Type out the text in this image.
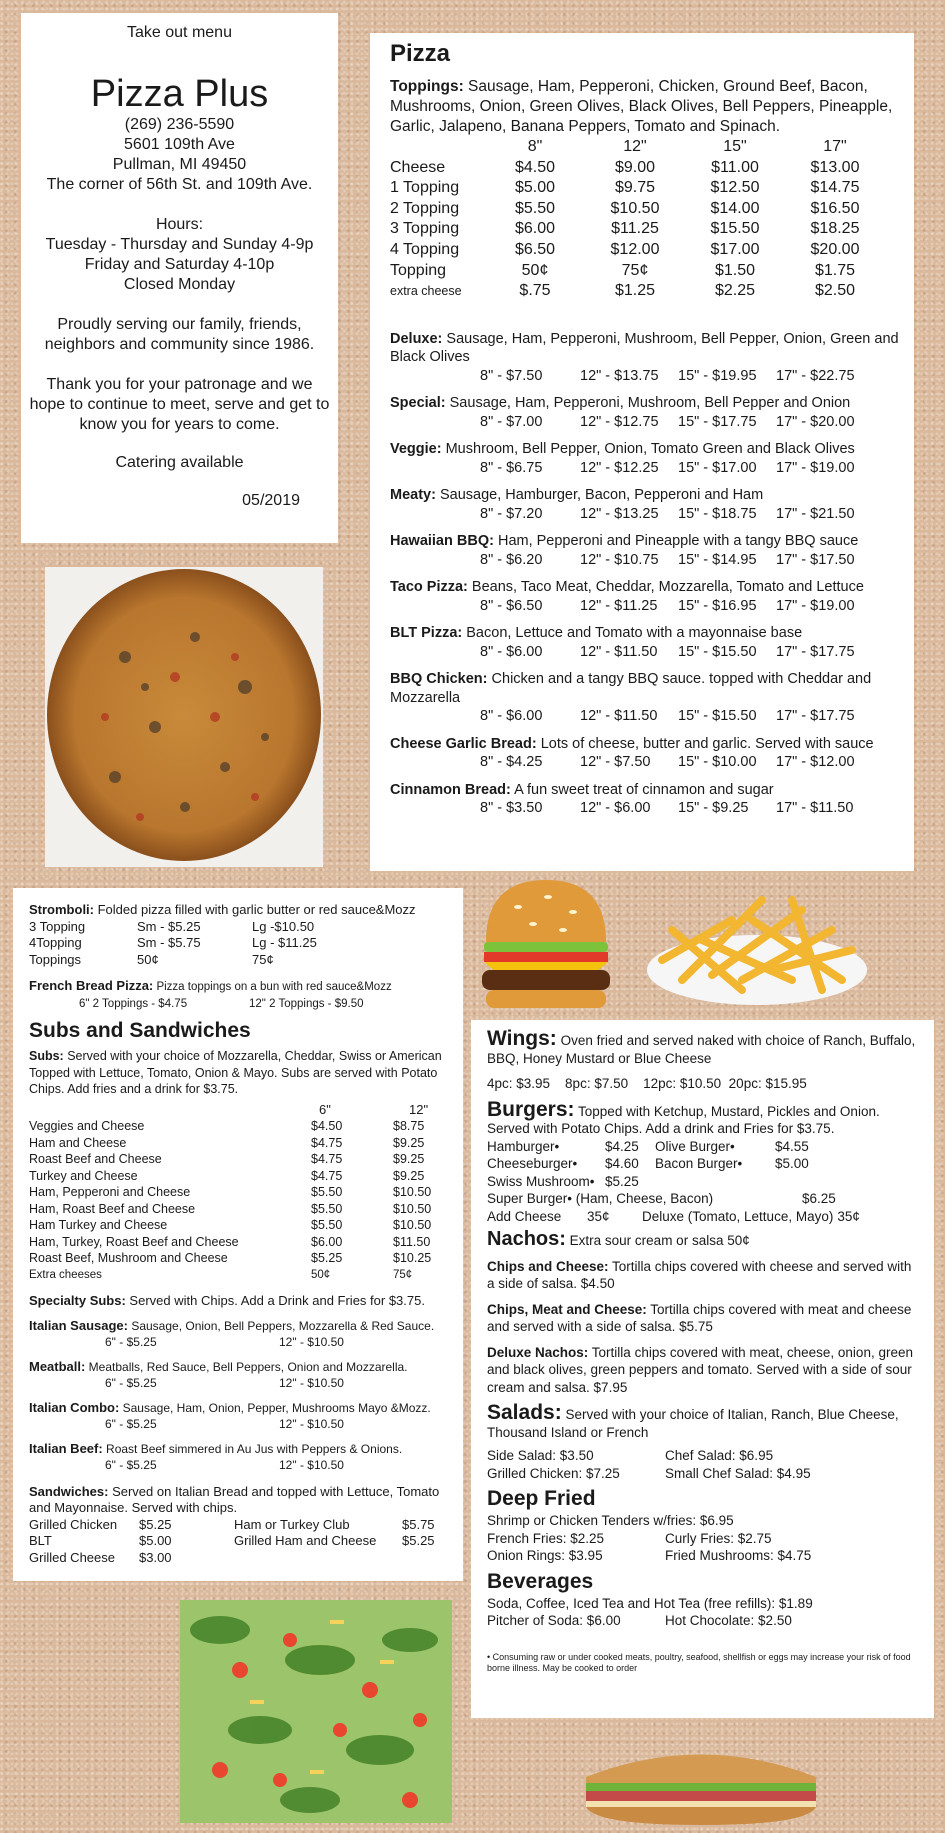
Take out menu
Pizza Plus
(269) 236-5590
5601 109th Ave
Pullman, MI 49450
The corner of 56th St. and 109th Ave.
Hours:
Tuesday - Thursday and Sunday 4-9p
Friday and Saturday 4-10p
Closed Monday
Proudly serving our family, friends, neighbors and community since 1986.
Thank you for your patronage and we hope to continue to meet, serve and get to know you for years to come.
Catering available
05/2019
Pizza
Toppings: Sausage, Ham, Pepperoni, Chicken, Ground Beef, Bacon, Mushrooms, Onion, Green Olives, Black Olives, Bell Peppers, Pineapple, Garlic, Jalapeno, Banana Peppers, Tomato and Spinach.
8"	12"	15"	17"
Cheese	$4.50	$9.00	$11.00	$13.00
1 Topping	$5.00	$9.75	$12.50	$14.75
2 Topping	$5.50	$10.50	$14.00	$16.50
3 Topping	$6.00	$11.25	$15.50	$18.25
4 Topping	$6.50	$12.00	$17.00	$20.00
Topping	50¢	75¢	$1.50	$1.75
extra cheese	$.75	$1.25	$2.25	$2.50
Deluxe: Sausage, Ham, Pepperoni, Mushroom, Bell Pepper, Onion, Green and Black Olives
8" - $7.50	12" - $13.75	15" - $19.95	17" - $22.75
Special: Sausage, Ham, Pepperoni, Mushroom, Bell Pepper and Onion
8" - $7.00	12" - $12.75	15" - $17.75	17" - $20.00
Veggie: Mushroom, Bell Pepper, Onion, Tomato Green and Black Olives
8" - $6.75	12" - $12.25	15" - $17.00	17" - $19.00
Meaty: Sausage, Hamburger, Bacon, Pepperoni and Ham
8" - $7.20	12" - $13.25	15" - $18.75	17" - $21.50
Hawaiian BBQ: Ham, Pepperoni and Pineapple with a tangy BBQ sauce
8" - $6.20	12" - $10.75	15" - $14.95	17" - $17.50
Taco Pizza: Beans, Taco Meat, Cheddar, Mozzarella, Tomato and Lettuce
8" - $6.50	12" - $11.25	15" - $16.95	17" - $19.00
BLT Pizza: Bacon, Lettuce and Tomato with a mayonnaise base
8" - $6.00	12" - $11.50	15" - $15.50	17" - $17.75
BBQ Chicken: Chicken and a tangy BBQ sauce. topped with Cheddar and Mozzarella
8" - $6.00	12" - $11.50	15" - $15.50	17" - $17.75
Cheese Garlic Bread: Lots of cheese, butter and garlic. Served with sauce
8" - $4.25	12" - $7.50	15" - $10.00	17" - $12.00
Cinnamon Bread: A fun sweet treat of cinnamon and sugar
8" - $3.50	12" - $6.00	15" - $9.25	17" - $11.50
Stromboli: Folded pizza filled with garlic butter or red sauce&Mozz
3 Topping	Sm - $5.25	Lg -$10.50
4Topping	Sm - $5.75	Lg - $11.25
Toppings	50¢	75¢
French Bread Pizza: Pizza toppings on a bun with red sauce&Mozz
6" 2 Toppings - $4.75	12" 2 Toppings - $9.50
Subs and Sandwiches
Subs: Served with your choice of Mozzarella, Cheddar, Swiss or American Topped with Lettuce, Tomato, Onion & Mayo. Subs are served with Potato Chips. Add fries and a drink for $3.75.
6"	12"
Veggies and Cheese	$4.50	$8.75
Ham and Cheese	$4.75	$9.25
Roast Beef and Cheese	$4.75	$9.25
Turkey and Cheese	$4.75	$9.25
Ham, Pepperoni and Cheese	$5.50	$10.50
Ham, Roast Beef and Cheese	$5.50	$10.50
Ham Turkey and Cheese	$5.50	$10.50
Ham, Turkey, Roast Beef and Cheese	$6.00	$11.50
Roast Beef, Mushroom and Cheese	$5.25	$10.25
Extra cheeses	50¢	75¢
Specialty Subs: Served with Chips. Add a Drink and Fries for $3.75.
Italian Sausage: Sausage, Onion, Bell Peppers, Mozzarella & Red Sauce.
6" - $5.25	12" - $10.50
Meatball: Meatballs, Red Sauce, Bell Peppers, Onion and Mozzarella.
6" - $5.25	12" - $10.50
Italian Combo: Sausage, Ham, Onion, Pepper, Mushrooms Mayo &Mozz.
6" - $5.25	12" - $10.50
Italian Beef: Roast Beef simmered in Au Jus with Peppers & Onions.
6" - $5.25	12" - $10.50
Sandwiches: Served on Italian Bread and topped with Lettuce, Tomato and Mayonnaise. Served with chips.
Grilled Chicken	$5.25	Ham or Turkey Club	$5.75
BLT	$5.00	Grilled Ham and Cheese	$5.25
Grilled Cheese	$3.00
Wings: Oven fried and served naked with choice of Ranch, Buffalo, BBQ, Honey Mustard or Blue Cheese
4pc: $3.95    8pc: $7.50    12pc: $10.50  20pc: $15.95
Burgers: Topped with Ketchup, Mustard, Pickles and Onion. Served with Potato Chips. Add a drink and Fries for $3.75.
Hamburger•	$4.25	Olive Burger•	$4.55
Cheeseburger•	$4.60	Bacon Burger•	$5.00
Swiss Mushroom• $5.25
Super Burger• (Ham, Cheese, Bacon)	$6.25
Add Cheese	35¢	Deluxe (Tomato, Lettuce, Mayo) 35¢
Nachos: Extra sour cream or salsa 50¢
Chips and Cheese: Tortilla chips covered with cheese and served with a side of salsa. $4.50
Chips, Meat and Cheese: Tortilla chips covered with meat and cheese and served with a side of salsa. $5.75
Deluxe Nachos: Tortilla chips covered with meat, cheese, onion, green and black olives, green peppers and tomato. Served with a side of sour cream and salsa. $7.95
Salads: Served with your choice of Italian, Ranch, Blue Cheese, Thousand Island or French
Side Salad: $3.50	Chef Salad: $6.95
Grilled Chicken: $7.25	Small Chef Salad: $4.95
Deep Fried
Shrimp or Chicken Tenders w/fries: $6.95
French Fries: $2.25	Curly Fries: $2.75
Onion Rings: $3.95	Fried Mushrooms: $4.75
Beverages
Soda, Coffee, Iced Tea and Hot Tea (free refills): $1.89
Pitcher of Soda: $6.00	Hot Chocolate: $2.50
• Consuming raw or under cooked meats, poultry, seafood, shellfish or eggs may increase your risk of food borne illness. May be cooked to order
